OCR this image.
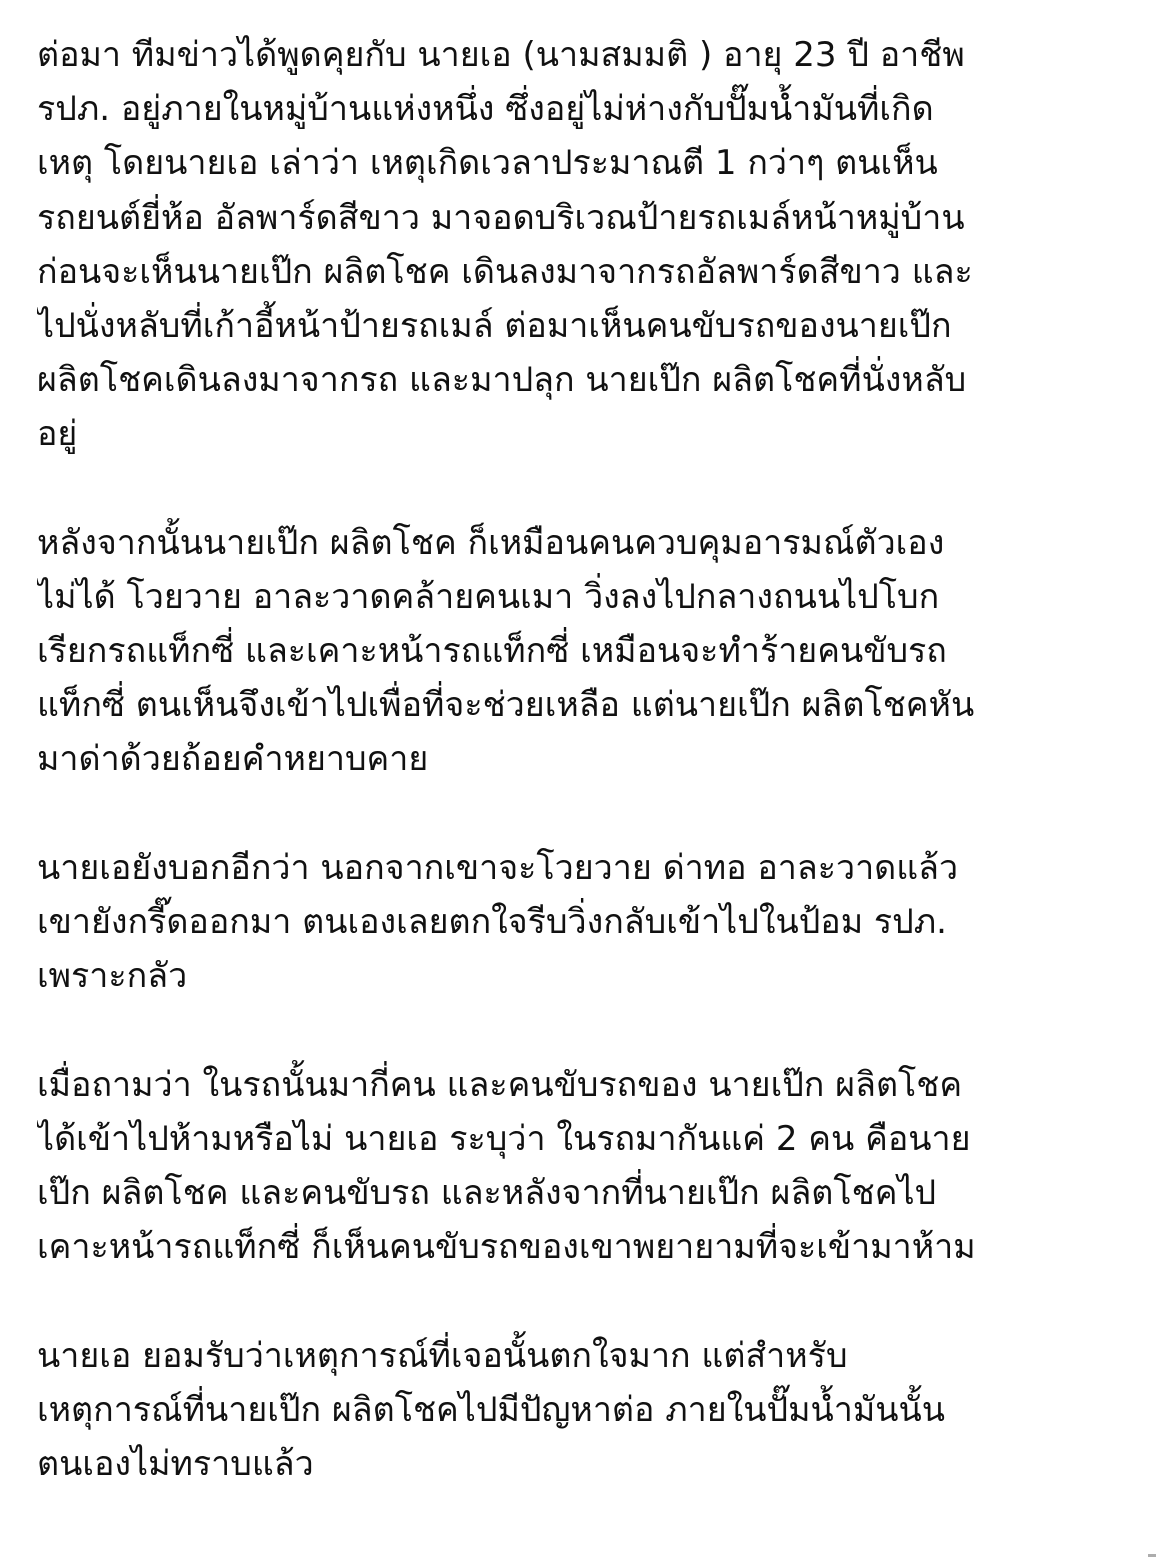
ต่อมา ทีมข่าวได้พูดคุยกับ นายเอ (นามสมมติ ) อายุ 23 ปี อาชีพ
รปภ. อยู่ภายในหมู่บ้านแห่งหนึ่ง ซึ่งอยู่ไม่ห่างกับปั๊มน้ำมันที่เกิด
เหตุ โดยนายเอ เล่าว่า เหตุเกิดเวลาประมาณตี 1 กว่าๆ ตนเห็น
รถยนต์ยี่ห้อ อัลพาร์ดสีขาว มาจอดบริเวณป้ายรถเมล์หน้าหมู่บ้าน
ก่อนจะเห็นนายเป๊ก ผลิตโชค เดินลงมาจากรถอัลพาร์ดสีขาว และ
ไปนั่งหลับที่เก้าอี้หน้าป้ายรถเมล์ ต่อมาเห็นคนขับรถของนายเป๊ก
ผลิตโชคเดินลงมาจากรถ และมาปลุก นายเป๊ก ผลิตโชคที่นั่งหลับ
อยู่
หลังจากนั้นนายเป๊ก ผลิตโชค ก็เหมือนคนควบคุมอารมณ์ตัวเอง
ไม่ได้ โวยวาย อาละวาดคล้ายคนเมา วิ่งลงไปกลางถนนไปโบก
เรียกรถแท็กซี่ และเคาะหน้ารถแท็กซี่ เหมือนจะทำร้ายคนขับรถ
แท็กซี่ ตนเห็นจึงเข้าไปเพื่อที่จะช่วยเหลือ แต่นายเป๊ก ผลิตโชคหัน
มาด่าด้วยถ้อยคำหยาบคาย
นายเอยังบอกอีกว่า นอกจากเขาจะโวยวาย ด่าทอ อาละวาดแล้ว
เขายังกรี๊ดออกมา ตนเองเลยตกใจรีบวิ่งกลับเข้าไปในป้อม รปภ.
เพราะกลัว
เมื่อถามว่า ในรถนั้นมากี่คน และคนขับรถของ นายเป๊ก ผลิตโชค
ได้เข้าไปห้ามหรือไม่ นายเอ ระบุว่า ในรถมากันแค่ 2 คน คือนาย
เป๊ก ผลิตโชค และคนขับรถ และหลังจากที่นายเป๊ก ผลิตโชคไป
เคาะหน้ารถแท็กซี่ ก็เห็นคนขับรถของเขาพยายามที่จะเข้ามาห้าม
นายเอ ยอมรับว่าเหตุการณ์ที่เจอนั้นตกใจมาก แต่สำหรับ
เหตุการณ์ที่นายเป๊ก ผลิตโชคไปมีปัญหาต่อ ภายในปั๊มน้ำมันนั้น
ตนเองไม่ทราบแล้ว
